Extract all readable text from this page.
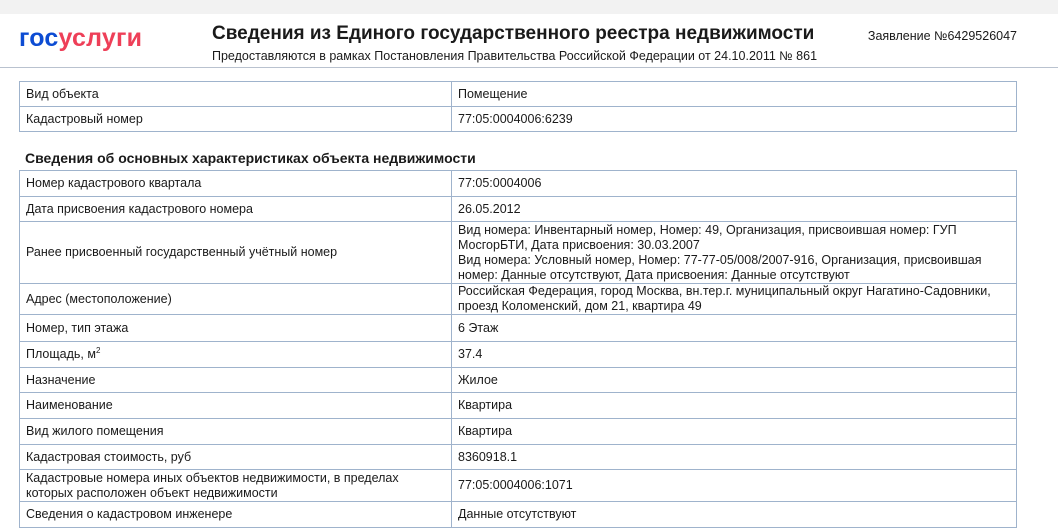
госуслуги	Сведения из Единого государственного реестра недвижимости
Предоставляются в рамках Постановления Правительства Российской Федерации от 24.10.2011 № 861
Заявление №6429526047
Вид объекта	Помещение
Кадастровый номер	77:05:0004006:6239
Сведения об основных характеристиках объекта недвижимости
Номер кадастрового квартала	77:05:0004006
Дата присвоения кадастрового номера	26.05.2012
Ранее присвоенный государственный учётный номер	Вид номера: Инвентарный номер, Номер: 49, Организация, присвоившая номер: ГУП МосгорБТИ, Дата присвоения: 30.03.2007
Вид номера: Условный номер, Номер: 77-77-05/008/2007-916, Организация, присвоившая номер: Данные отсутствуют, Дата присвоения: Данные отсутствуют

Адрес (местоположение)	Российская Федерация, город Москва, вн.тер.г. муниципальный округ Нагатино-Садовники, проезд Коломенский, дом 21, квартира 49
Номер, тип этажа	6 Этаж
Площадь, $м^2$	37.4
Назначение	Жилое
Наименование	Квартира
Вид жилого помещения	Квартира
Кадастровая стоимость, руб	8360918.1
Кадастровые номера иных объектов недвижимости, в пределах которых расположен объект недвижимости	77:05:0004006:1071
Сведения о кадастровом инженере	Данные отсутствуют
